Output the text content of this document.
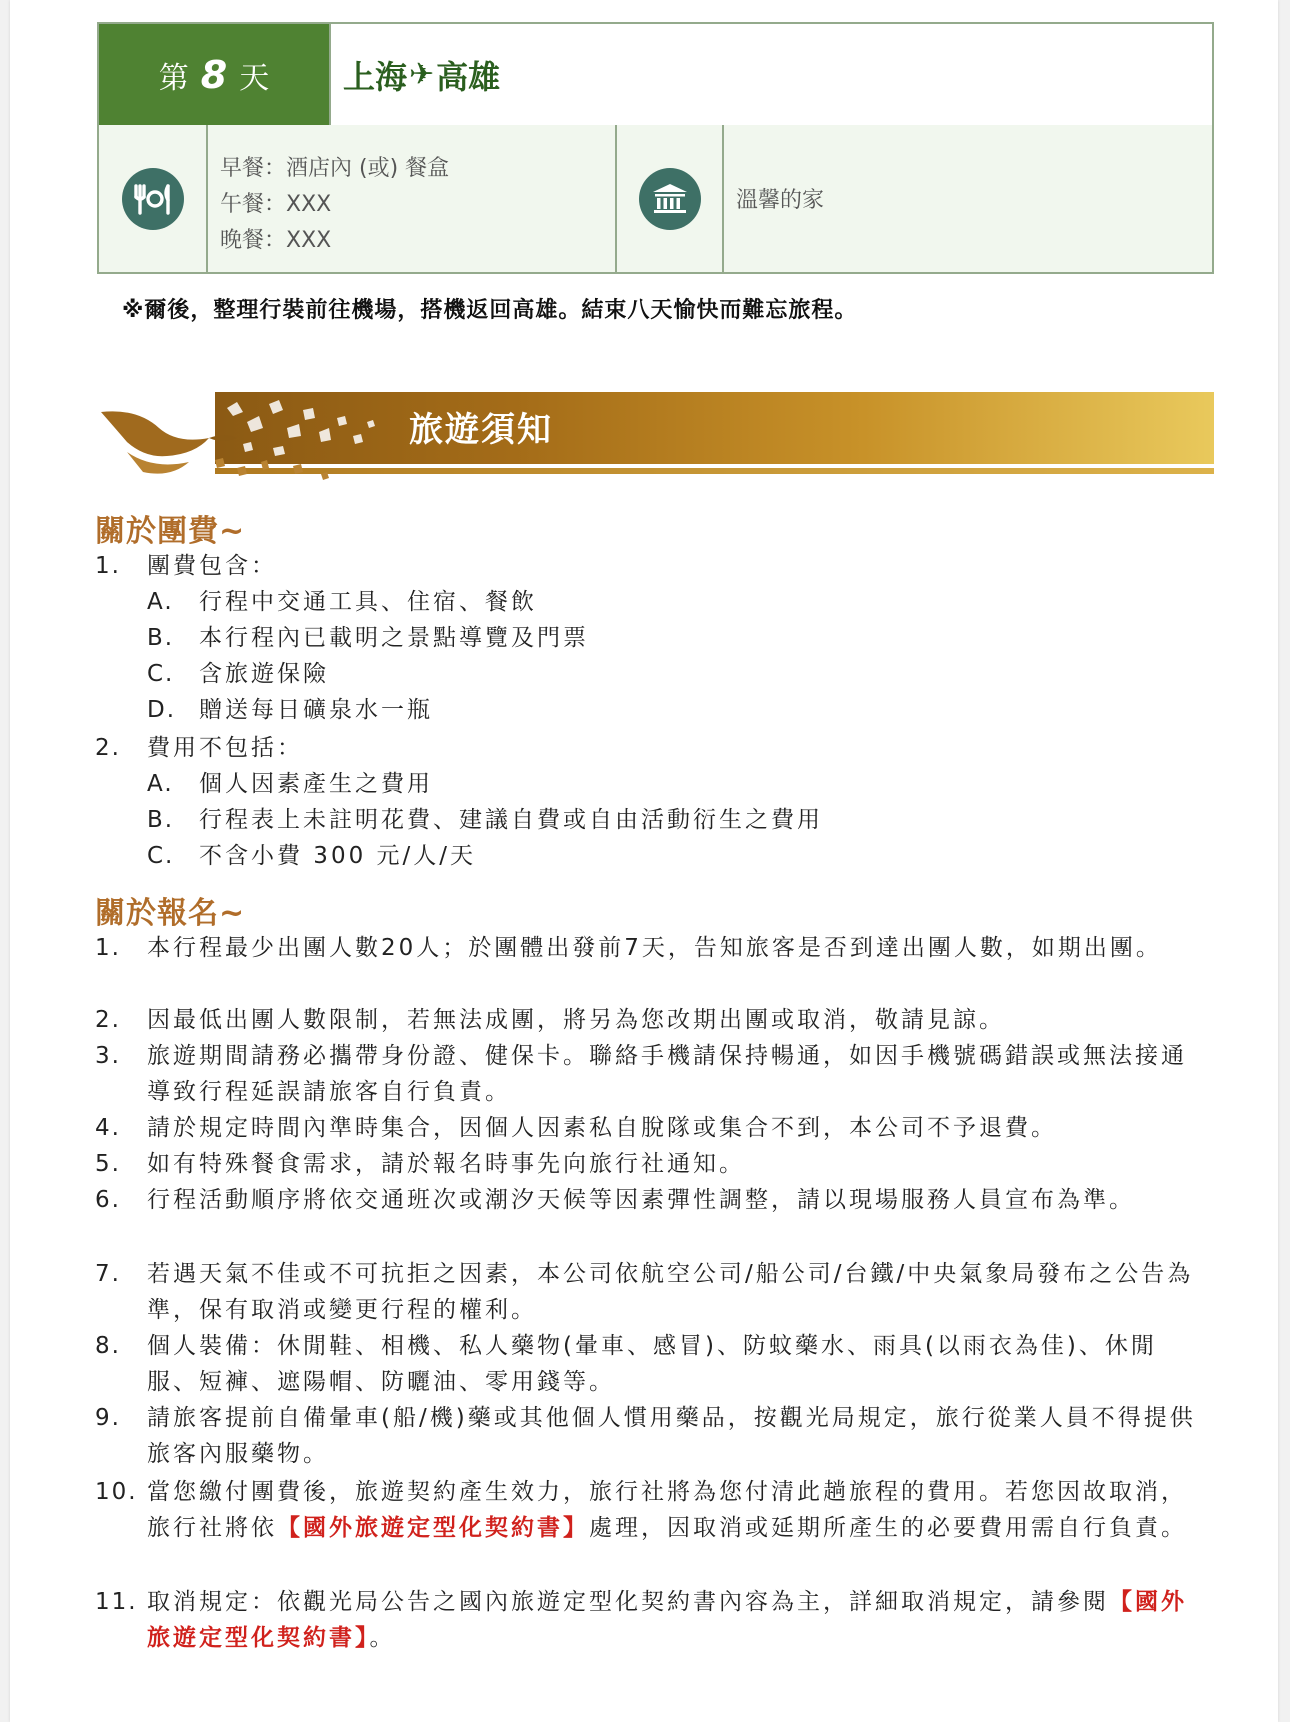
第 8 天 上海 ✈ 高雄
早餐：酒店內 (或) 餐盒
午餐：XXX
晚餐：XXX
溫馨的家
※爾後，整理行裝前往機場，搭機返回高雄。結束八天愉快而難忘旅程。
旅遊須知
關於團費~
1. 團費包含：
A. 行程中交通工具、住宿、餐飲
B. 本行程內已載明之景點導覽及門票
C. 含旅遊保險
D. 贈送每日礦泉水一瓶
2. 費用不包括：
A. 個人因素產生之費用
B. 行程表上未註明花費、建議自費或自由活動衍生之費用
C. 不含小費 300 元/人/天
關於報名~
1. 本行程最少出團人數20人；於團體出發前7天，告知旅客是否到達出團人數，如期出團。
2. 因最低出團人數限制，若無法成團，將另為您改期出團或取消，敬請見諒。
3. 旅遊期間請務必攜帶身份證、健保卡。聯絡手機請保持暢通，如因手機號碼錯誤或無法接通導致行程延誤請旅客自行負責。
4. 請於規定時間內準時集合，因個人因素私自脫隊或集合不到，本公司不予退費。
5. 如有特殊餐食需求，請於報名時事先向旅行社通知。
6. 行程活動順序將依交通班次或潮汐天候等因素彈性調整，請以現場服務人員宣布為準。
7. 若遇天氣不佳或不可抗拒之因素，本公司依航空公司/船公司/台鐵/中央氣象局發布之公告為準，保有取消或變更行程的權利。
8. 個人裝備：休閒鞋、相機、私人藥物(暈車、感冒)、防蚊藥水、雨具(以雨衣為佳)、休閒服、短褲、遮陽帽、防曬油、零用錢等。
9. 請旅客提前自備暈車(船/機)藥或其他個人慣用藥品，按觀光局規定，旅行從業人員不得提供旅客內服藥物。
10. 當您繳付團費後，旅遊契約產生效力，旅行社將為您付清此趟旅程的費用。若您因故取消，旅行社將依【國外旅遊定型化契約書】處理，因取消或延期所產生的必要費用需自行負責。
11. 取消規定：依觀光局公告之國內旅遊定型化契約書內容為主，詳細取消規定，請參閱【國外旅遊定型化契約書】。
